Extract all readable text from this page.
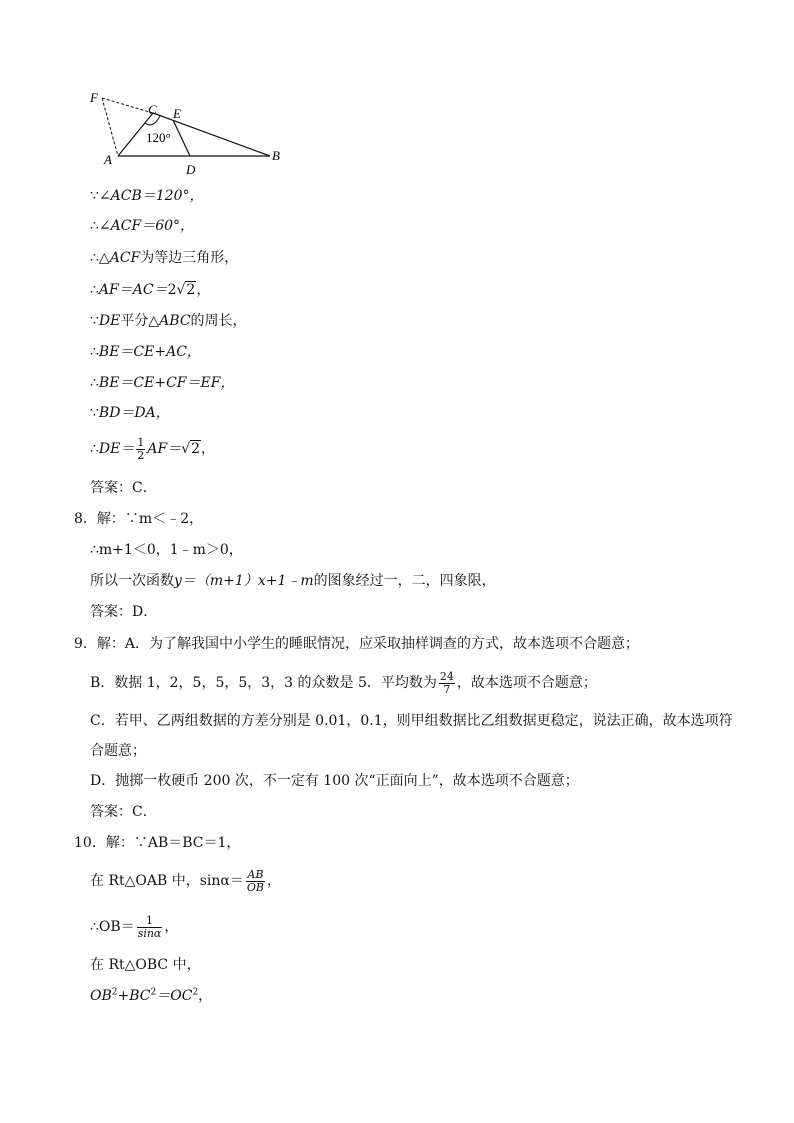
F
C E
A	B
D
120°
∵∠ACB＝120°，
∴∠ACF＝60°，
∴△ACF为等边三角形，
∴AF＝AC＝2√2，
∵DE平分△ABC的周长，
∴BE＝CE+AC，
∴BE＝CE+CF＝EF，
∵BD＝DA，
∴DE＝ $\frac{1}{2} AF=√2$，
答案：C．
8．解：∵m＜﹣2，
∴m+1＜0，1﹣m＞0，
所以一次函数y＝（m+1）x+1﹣m的图象经过一，二，四象限，
答案：D．
9．解：A．为了解我国中小学生的睡眠情况，应采取抽样调查的方式，故本选项不合题意；
B．数据 1，2，5，5，5，3，3 的众数是 5．平均数为 $\frac{24}{7}$ ，故本选项不合题意；
C．若甲、乙两组数据的方差分别是 0.01，0.1，则甲组数据比乙组数据更稳定，说法正确，故本选项符
合题意；
D．抛掷一枚硬币 200 次，不一定有 100 次“正面向上”，故本选项不合题意；
答案：C．
10．解：∵AB＝BC＝1，
在 Rt△OAB 中，$\sin\alpha= \frac{AB}{OB}$ ，
∴OB＝ $\frac{1}{\sin\alpha}$ ，
在 Rt△OBC 中，
$OB^2+BC^2=OC^2$，
